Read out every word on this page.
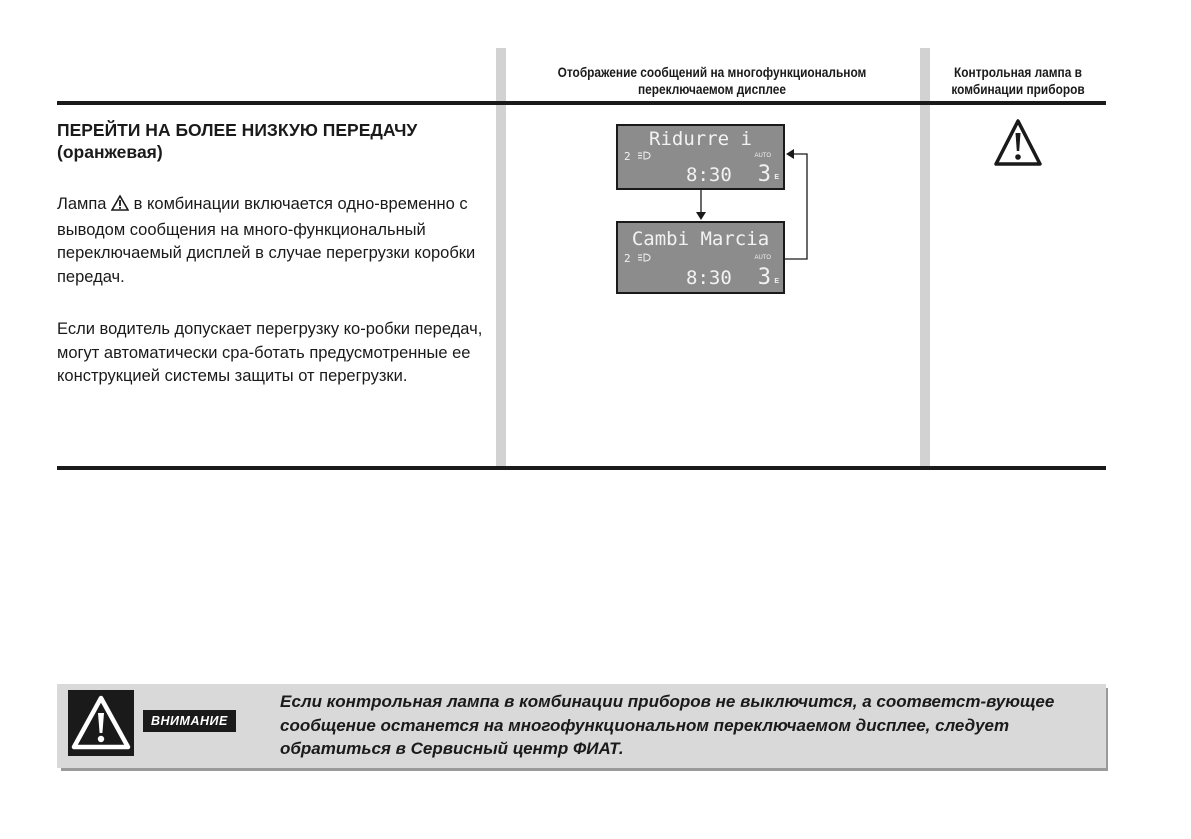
Отображение сообщений на многофункциональном переключаемом дисплее
Контрольная лампа в комбинации приборов
ПЕРЕЙТИ НА БОЛЕЕ НИЗКУЮ ПЕРЕДАЧУ
(оранжевая)
Лампа в комбинации включается одно-временно с выводом сообщения на много-функциональный переключаемый дисплей в случае перегрузки коробки передач.
Если водитель допускает перегрузку ко-робки передач, могут автоматически сра-ботать предусмотренные ее конструкцией системы защиты от перегрузки.
Ridurre i
2	AUTO
8:30 3 E
Cambi Marcia
2	AUTO
8:30 3 E
ВНИМАНИЕ
Если контрольная лампа в комбинации приборов не выключится, а соответст-вующее сообщение останется на многофункциональном переключаемом дисплее, следует обратиться в Сервисный центр ФИАТ.
